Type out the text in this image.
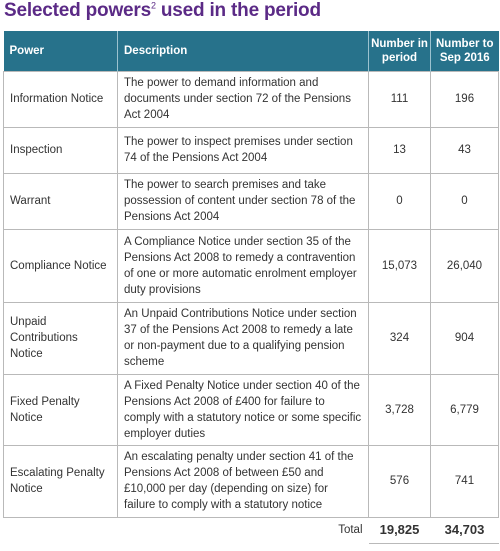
Selected powers$^2$ used in the period
Power	Description	Number in period	Number to Sep 2016
Information Notice	The power to demand information and documents under section 72 of the Pensions Act 2004	111	196
Inspection	The power to inspect premises under section 74 of the Pensions Act 2004	13	43
Warrant	The power to search premises and take possession of content under section 78 of the Pensions Act 2004	0	0
Compliance Notice	A Compliance Notice under section 35 of the Pensions Act 2008 to remedy a contravention of one or more automatic enrolment employer duty provisions	15,073	26,040
Unpaid Contributions Notice	An Unpaid Contributions Notice under section 37 of the Pensions Act 2008 to remedy a late or non-payment due to a qualifying pension scheme	324	904
Fixed Penalty Notice	A Fixed Penalty Notice under section 40 of the Pensions Act 2008 of £400 for failure to comply with a statutory notice or some specific employer duties	3,728	6,779
Escalating Penalty Notice	An escalating penalty under section 41 of the Pensions Act 2008 of between £50 and £10,000 per day (depending on size) for failure to comply with a statutory notice	576	741
	Total	19,825	34,703
